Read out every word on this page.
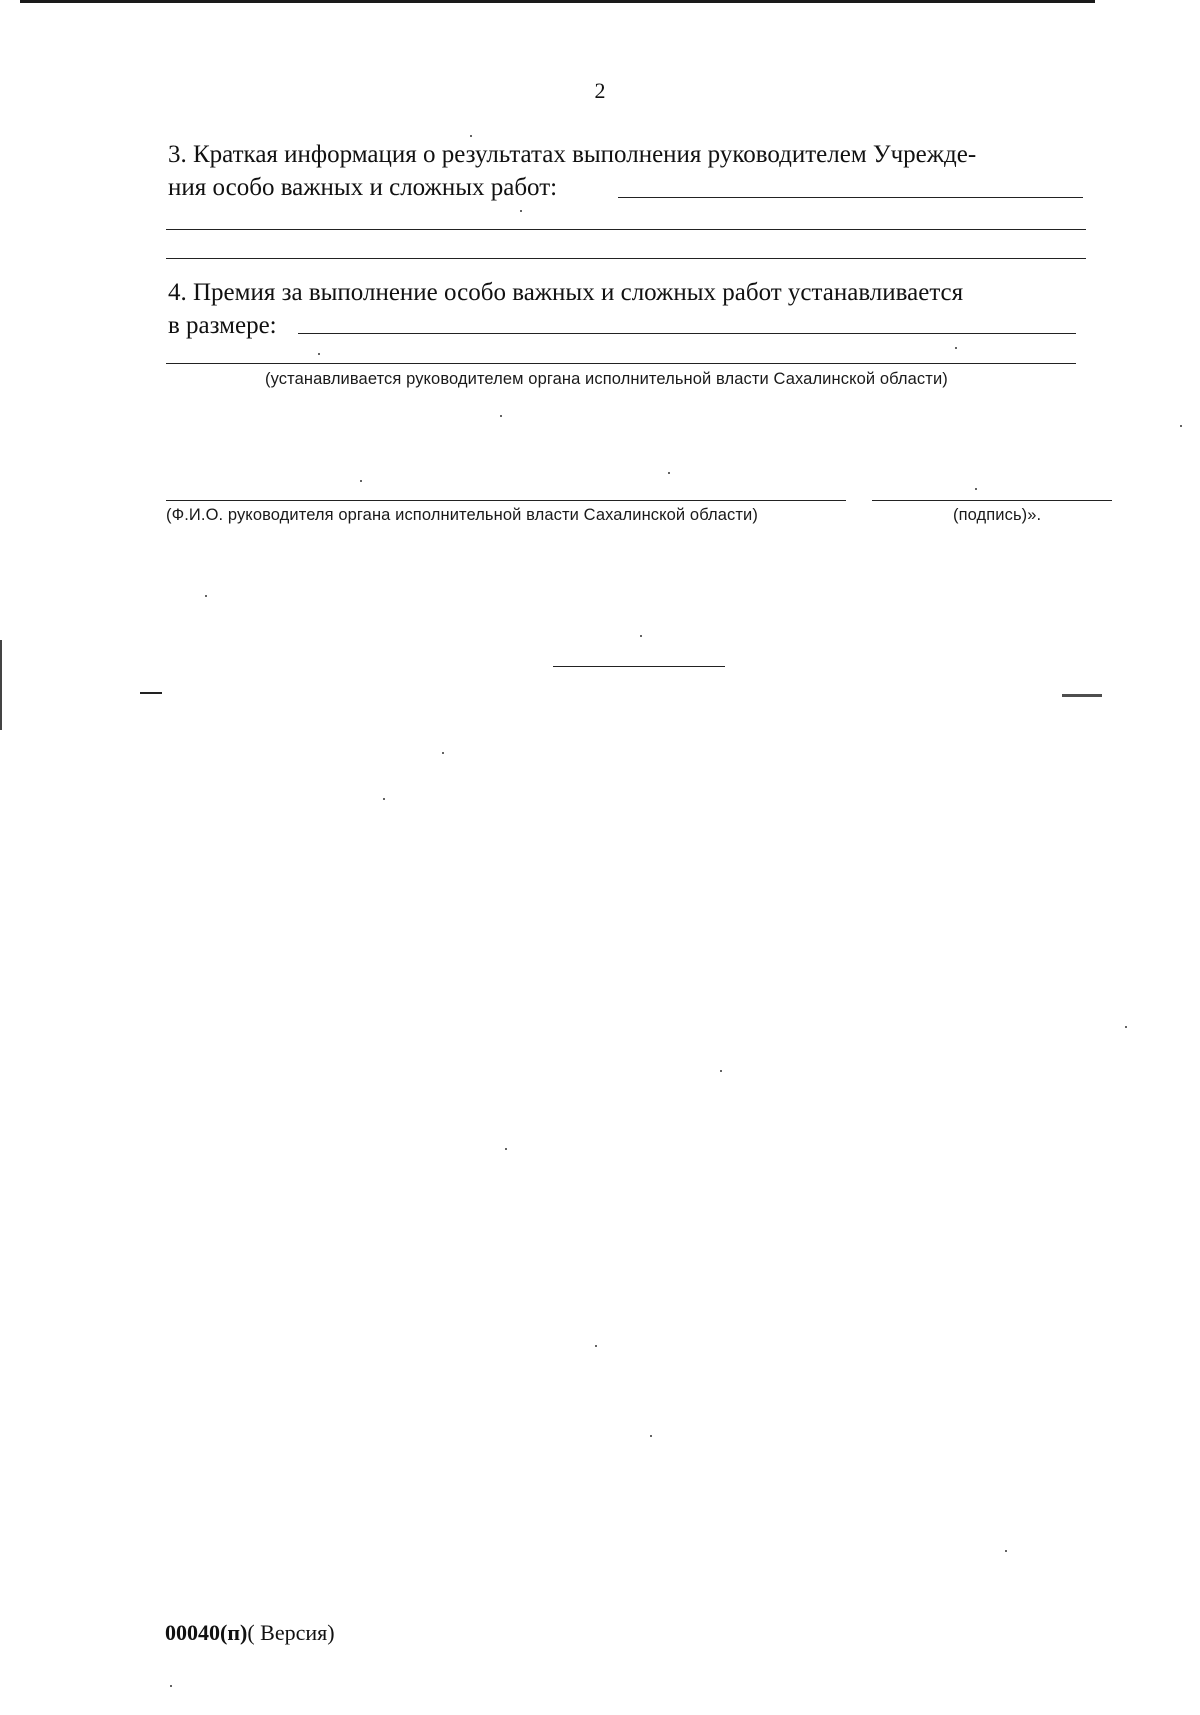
2
3. Краткая информация о результатах выполнения руководителем Учрежде-
ния особо важных и сложных работ:
4. Премия за выполнение особо важных и сложных работ устанавливается
в размере:
(устанавливается руководителем органа исполнительной власти Сахалинской области)
(Ф.И.О. руководителя органа исполнительной власти Сахалинской области)	(подпись)».
00040(п)( Версия)
